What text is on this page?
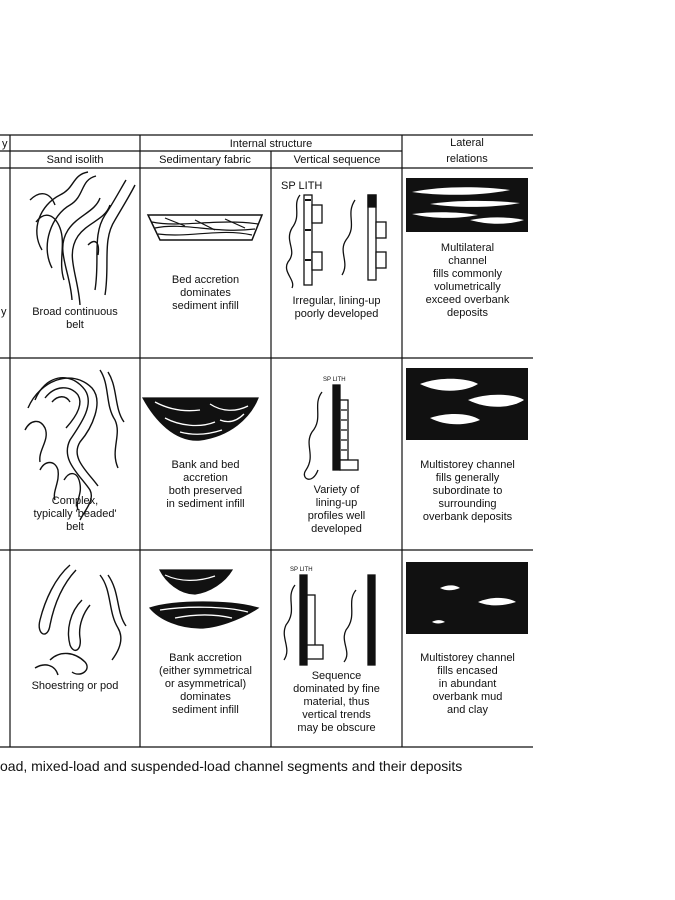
y
Sand isolith
Internal structure
Sedimentary fabric	Vertical sequence
Lateral
relations
y
SP LITH
SP LITH
SP LITH
Broad continuous
belt
Bed accretion
dominates
sediment infill	Irregular, lining-up
poorly developed
Multilateral
channel
fills commonly
volumetrically
exceed overbank
deposits
Complex,
typically 'beaded'
belt
Bank and bed
accretion
both preserved
in sediment infill
Variety of
lining-up
profiles well
developed
Multistorey channel
fills generally
subordinate to
surrounding
overbank deposits
Shoestring or pod
Bank accretion
(either symmetrical
or asymmetrical)
dominates
sediment infill
Sequence
dominated by fine
material, thus
vertical trends
may be obscure
Multistorey channel
fills encased
in abundant
overbank mud
and clay
oad, mixed-load and suspended-load channel segments and their deposits
